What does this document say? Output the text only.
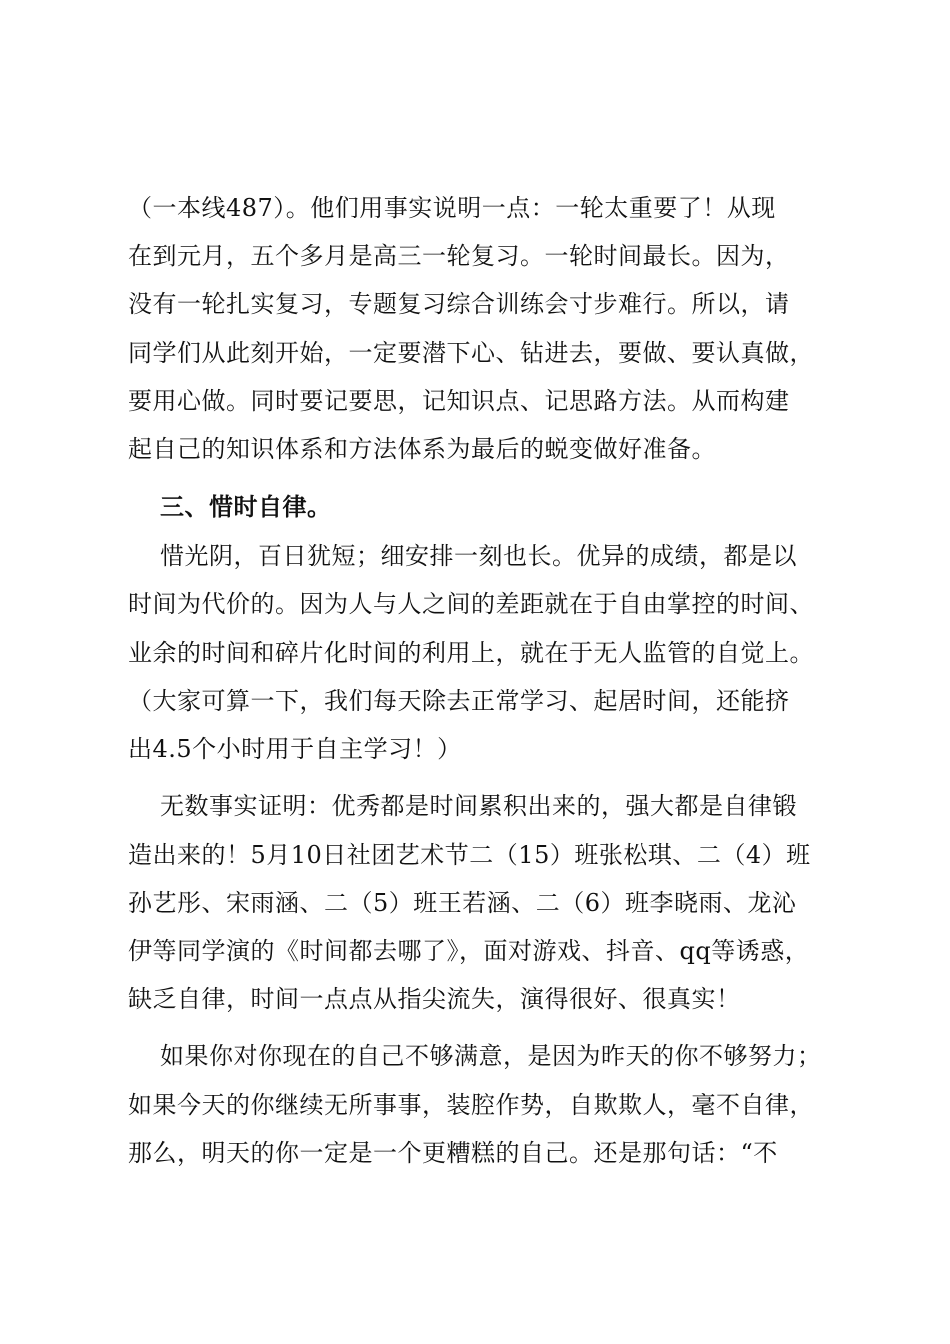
（一本线487）。他们用事实说明一点：一轮太重要了！从现
在到元月，五个多月是高三一轮复习。一轮时间最长。因为，
没有一轮扎实复习，专题复习综合训练会寸步难行。所以，请
同学们从此刻开始，一定要潜下心、钻进去，要做、要认真做，
要用心做。同时要记要思，记知识点、记思路方法。从而构建
起自己的知识体系和方法体系为最后的蜕变做好准备。
三、惜时自律。
惜光阴，百日犹短；细安排一刻也长。优异的成绩，都是以
时间为代价的。因为人与人之间的差距就在于自由掌控的时间、
业余的时间和碎片化时间的利用上，就在于无人监管的自觉上。
（大家可算一下，我们每天除去正常学习、起居时间，还能挤
出4.5个小时用于自主学习！）
无数事实证明：优秀都是时间累积出来的，强大都是自律锻
造出来的！5月10日社团艺术节二（15）班张松琪、二（4）班
孙艺彤、宋雨涵、二（5）班王若涵、二（6）班李晓雨、龙沁
伊等同学演的《时间都去哪了》，面对游戏、抖音、qq等诱惑，
缺乏自律，时间一点点从指尖流失，演得很好、很真实！
如果你对你现在的自己不够满意，是因为昨天的你不够努力；
如果今天的你继续无所事事，装腔作势，自欺欺人，毫不自律，
那么，明天的你一定是一个更糟糕的自己。还是那句话：“不
